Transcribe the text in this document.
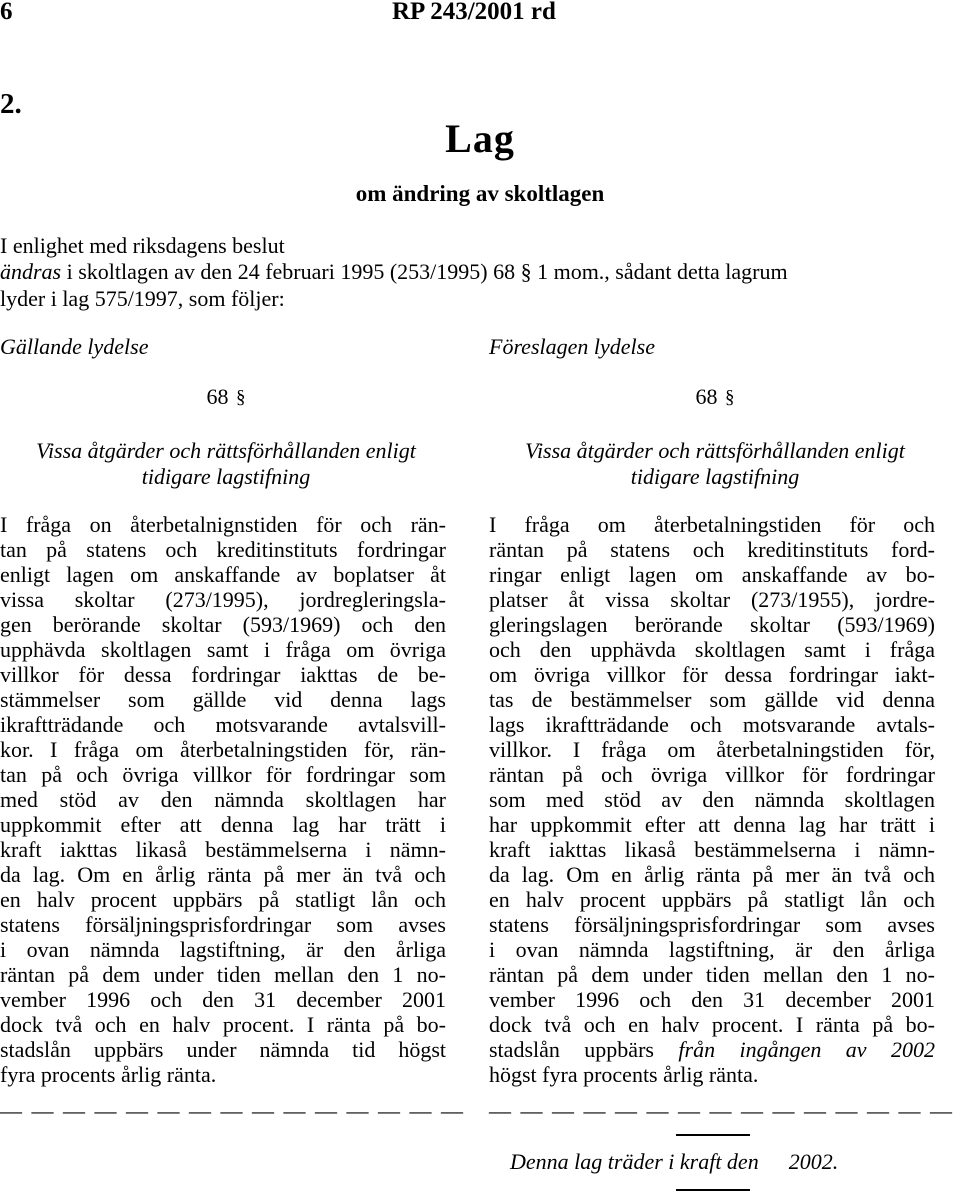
6	RP 243/2001 rd
2.
Lag
om ändring av skoltlagen
I enlighet med riksdagens beslut
ändras i skoltlagen av den 24 februari 1995 (253/1995) 68 § 1 mom., sådant detta lagrum
lyder i lag 575/1997, som följer:
Gällande lydelse
68 §
Vissa åtgärder och rättsförhållanden enligt
tidigare lagstifning
I fråga on återbetalnignstiden för och rän-
tan på statens och kreditinstituts fordringar
enligt lagen om anskaffande av boplatser åt
vissa skoltar (273/1995), jordregleringsla-
gen berörande skoltar (593/1969) och den
upphävda skoltlagen samt i fråga om övriga
villkor för dessa fordringar iakttas de be-
stämmelser som gällde vid denna lags
ikraftträdande och motsvarande avtalsvill-
kor. I fråga om återbetalningstiden för, rän-
tan på och övriga villkor för fordringar som
med stöd av den nämnda skoltlagen har
uppkommit efter att denna lag har trätt i
kraft iakttas likaså bestämmelserna i nämn-
da lag. Om en årlig ränta på mer än två och
en halv procent uppbärs på statligt lån och
statens försäljningsprisfordringar som avses
i ovan nämnda lagstiftning, är den årliga
räntan på dem under tiden mellan den 1 no-
vember 1996 och den 31 december 2001
dock två och en halv procent. I ränta på bo-
stadslån uppbärs under nämnda tid högst
fyra procents årlig ränta.
— — — — — — — — — — — — — — —
Föreslagen lydelse
68 §
Vissa åtgärder och rättsförhållanden enligt
tidigare lagstifning
I fråga om återbetalningstiden för och
räntan på statens och kreditinstituts ford-
ringar enligt lagen om anskaffande av bo-
platser åt vissa skoltar (273/1955), jordre-
gleringslagen berörande skoltar (593/1969)
och den upphävda skoltlagen samt i fråga
om övriga villkor för dessa fordringar iakt-
tas de bestämmelser som gällde vid denna
lags ikraftträdande och motsvarande avtals-
villkor. I fråga om återbetalningstiden för,
räntan på och övriga villkor för fordringar
som med stöd av den nämnda skoltlagen
har uppkommit efter att denna lag har trätt i
kraft iakttas likaså bestämmelserna i nämn-
da lag. Om en årlig ränta på mer än två och
en halv procent uppbärs på statligt lån och
statens försäljningsprisfordringar som avses
i ovan nämnda lagstiftning, är den årliga
räntan på dem under tiden mellan den 1 no-
vember 1996 och den 31 december 2001
dock två och en halv procent. I ränta på bo-
stadslån uppbärs från ingången av 2002
högst fyra procents årlig ränta.
— — — — — — — — — — — — — — —
Denna lag träder i kraft den 2002.
